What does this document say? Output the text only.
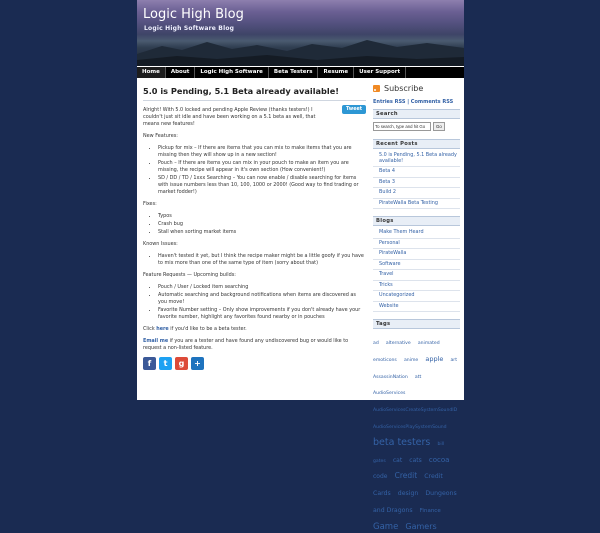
Logic High Blog
Logic High Software Blog
Home	About	Logic High Software	Beta Testers	Resume	User Support
5.0 is Pending, 5.1 Beta already available!
Tweet

Alright! With 5.0 locked and pending Apple Review (thanks testers!) I couldn't just sit idle and have been working on a 5.1 beta as well, that means new features!

New Features:

• Pickup for mix – If there are items that you can mix to make items that you are missing then they will show up in a new section!
• Pouch – If there are items you can mix in your pouch to make an item you are missing, the recipe will appear in it's own section (How convenient!)
• SD / DD / TD / 1xxx Searching – You can now enable / disable searching for items with issue numbers less than 10, 100, 1000 or 2000! (Good way to find trading or market fodder!)

Fixes:

• Typos
• Crash bug
• Stall when sorting market items

Known Issues:

• Haven't tested it yet, but I think the recipe maker might be a little goofy if you have to mix more than one of the same type of item (sorry about that)

Feature Requests — Upcoming builds:

• Pouch / User / Locked item searching
• Automatic searching and background notifications when items are discovered as you move!
• Favorite Number setting – Only show improvements if you don't already have your favorite number, highlight any favorites found nearby or in pouches

Click here if you'd like to be a beta tester.

Email me if you are a tester and have found any undiscovered bug or would like to request a non-listed feature.

f	t	g	+
Subscribe
Entries RSS | Comments RSS
Search
To search, type and hit Go
Go
Recent Posts
5.0 is Pending, 5.1 Beta already available!
Beta 4
Beta 3
Build 2
PirateWalla Beta Testing
Blogs
Make Them Heard
Personal
PirateWalla
Software
Travel
Tricks
Uncategorized
Website
Tags
ad alternative animated emoticons anime apple art AssassinNation att AudioServices AudioServicesCreateSystemSoundID AudioServicesPlaySystemSound beta testers bill gates cat cats cocoa code Credit Credit Cards design Dungeons and Dragons Finance Game Gamers
